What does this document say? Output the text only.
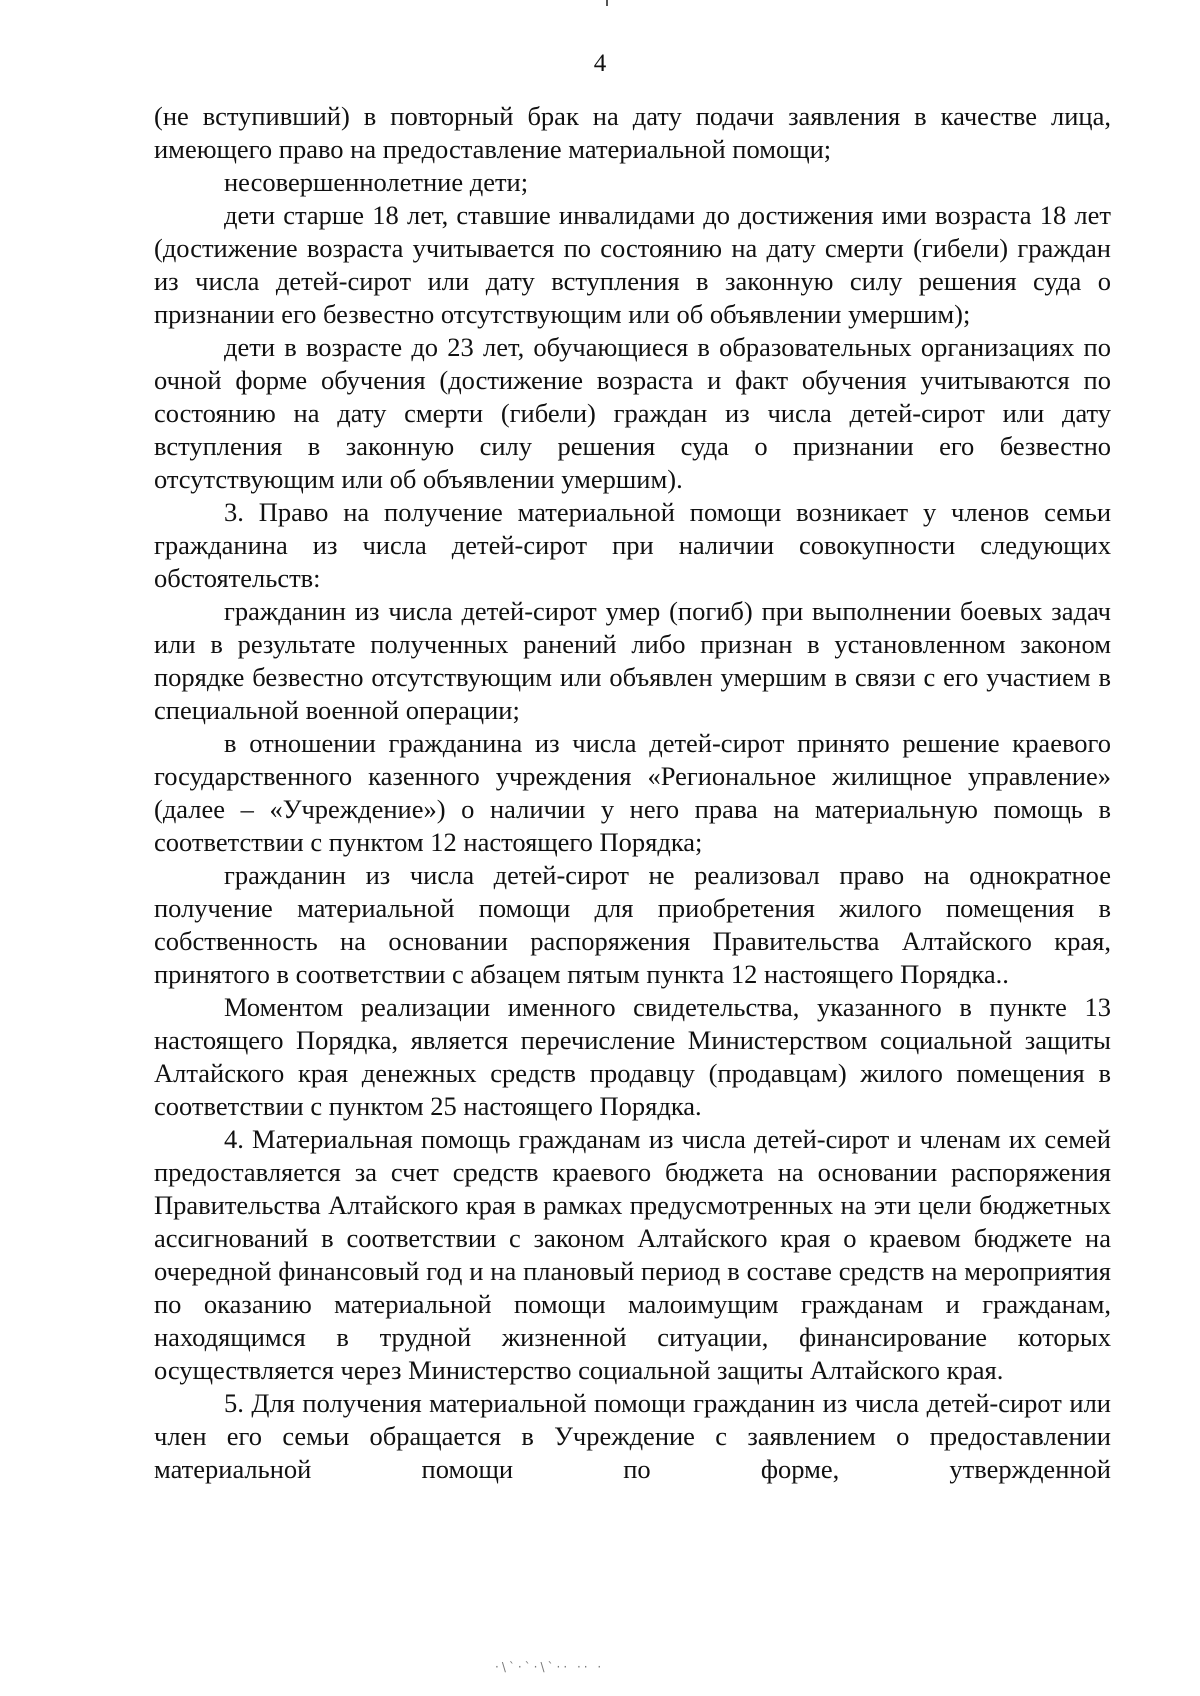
4

(не вступивший) в повторный брак на дату подачи заявления в качестве лица, имеющего право на предоставление материальной помощи;

несовершеннолетние дети;

дети старше 18 лет, ставшие инвалидами до достижения ими возраста 18 лет (достижение возраста учитывается по состоянию на дату смерти (гибели) граждан из числа детей-сирот или дату вступления в законную силу решения суда о признании его безвестно отсутствующим или об объявлении умершим);

дети в возрасте до 23 лет, обучающиеся в образовательных организациях по очной форме обучения (достижение возраста и факт обучения учитываются по состоянию на дату смерти (гибели) граждан из числа детей-сирот или дату вступления в законную силу решения суда о признании его безвестно отсутствующим или об объявлении умершим).

3. Право на получение материальной помощи возникает у членов семьи гражданина из числа детей-сирот при наличии совокупности следующих обстоятельств:

гражданин из числа детей-сирот умер (погиб) при выполнении боевых задач или в результате полученных ранений либо признан в установленном законом порядке безвестно отсутствующим или объявлен умершим в связи с его участием в специальной военной операции;

в отношении гражданина из числа детей-сирот принято решение краевого государственного казенного учреждения «Региональное жилищное управление» (далее – «Учреждение») о наличии у него права на материальную помощь в соответствии с пунктом 12 настоящего Порядка;

гражданин из числа детей-сирот не реализовал право на однократное получение материальной помощи для приобретения жилого помещения в собственность на основании распоряжения Правительства Алтайского края, принятого в соответствии с абзацем пятым пункта 12 настоящего Порядка..

Моментом реализации именного свидетельства, указанного в пункте 13 настоящего Порядка, является перечисление Министерством социальной защиты Алтайского края денежных средств продавцу (продавцам) жилого помещения в соответствии с пунктом 25 настоящего Порядка.

4. Материальная помощь гражданам из числа детей-сирот и членам их семей предоставляется за счет средств краевого бюджета на основании распоряжения Правительства Алтайского края в рамках предусмотренных на эти цели бюджетных ассигнований в соответствии с законом Алтайского края о краевом бюджете на очередной финансовый год и на плановый период в составе средств на мероприятия по оказанию материальной помощи малоимущим гражданам и гражданам, находящимся в трудной жизненной ситуации, финансирование которых осуществляется через Министерство социальной защиты Алтайского края.

5. Для получения материальной помощи гражданин из числа детей-сирот или член его семьи обращается в Учреждение с заявлением о предоставлении материальной помощи по форме, утвержденной

·\`·`·\`·· ·· ·
